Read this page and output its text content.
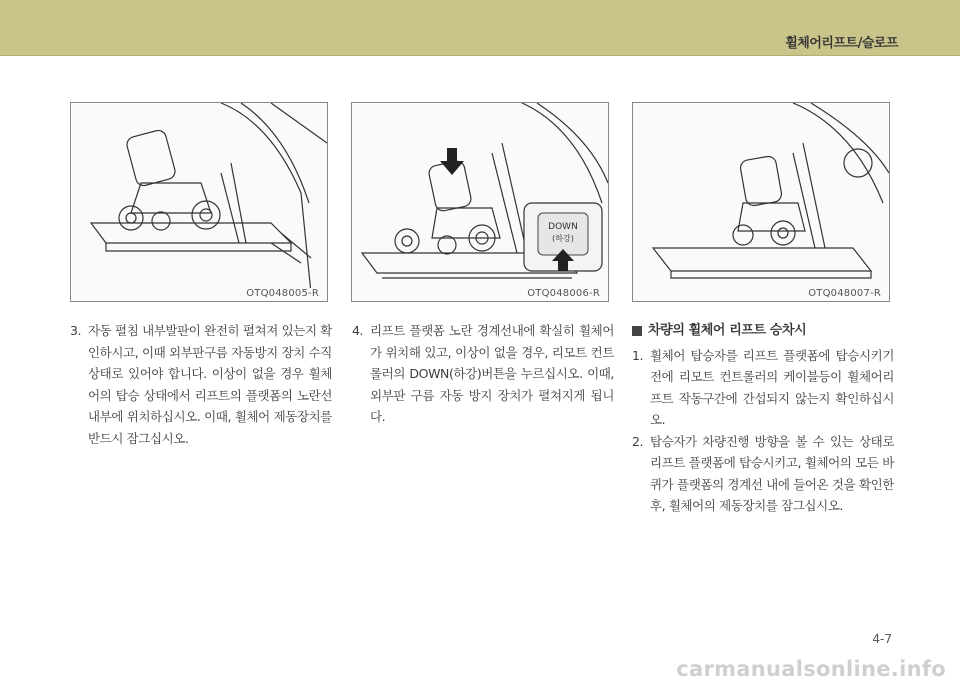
휠체어리프트/슬로프
OTQ048005-R
DOWN
(하강)
OTQ048006-R	OTQ048007-R
3. 자동 펼침 내부발판이 완전히 펼쳐져 있는지 확인하시고, 이때 외부판구름 자동방지 장치 수직상태로 있어야 합니다. 이상이 없을 경우 휠체어의 탑승 상태에서 리프트의 플랫폼의 노란선 내부에 위치하십시오. 이때, 휠체어 제동장치를 반드시 잠그십시오.
4. 리프트 플랫폼 노란 경계선내에 확실히 휠체어가 위치해 있고, 이상이 없을 경우, 리모트 컨트롤러의 DOWN(하강)버튼을 누르십시오. 이때, 외부판 구름 자동 방지 장치가 펼쳐지게 됩니다.
차량의 휠체어 리프트 승차시
1. 휠체어 탑승자를 리프트 플랫폼에 탑승시키기 전에 리모트 컨트롤러의 케이블등이 휠체어리프트 작동구간에 간섭되지 않는지 확인하십시오.
2. 탑승자가 차량진행 방향을 볼 수 있는 상태로 리프트 플랫폼에 탑승시키고, 휠체어의 모든 바퀴가 플랫폼의 경계선 내에 들어온 것을 확인한 후, 휠체어의 제동장치를 잠그십시오.
4-7
carmanualsonline.info
